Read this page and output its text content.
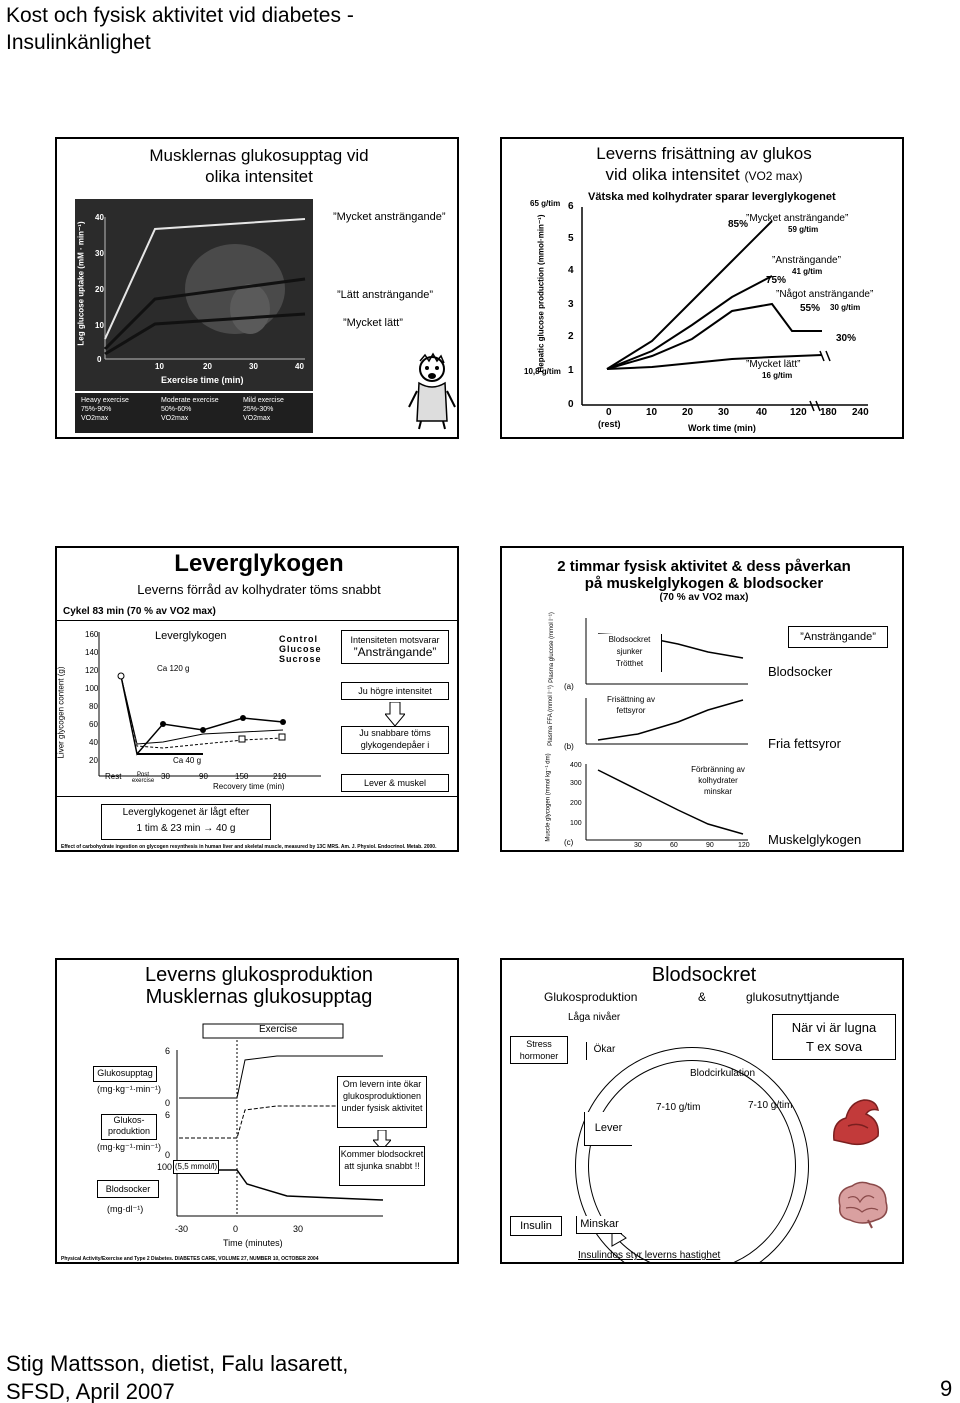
Kost och fysisk aktivitet vid diabetes -
Insulinkänlighet
Musklernas glukosupptag vid
olika intensitet
Leg glucose uptake (mM · min⁻¹)
40
30
20
10
0
10	20	30	40
Exercise time (min)
Heavy exercise
75%-90%
VO2max
Moderate exercise
50%-60%
VO2max
Mild exercise
25%-30%
VO2max
”Mycket ansträngande”
”Lätt ansträngande”
”Mycket lätt”
Leverns frisättning av glukos
vid olika intensitet (VO2 max)
Vätska med kolhydrater sparar leverglykogenet
65 g/tim
10,8 g/tim
6
5
4
3
2
1
0
Hepatic glucose production (mmol·min⁻¹)
0
(rest)
10 20 30	40 120 180 240
Work time (min)
85%
”Mycket ansträngande”
59 g/tim
”Ansträngande”
41 g/tim
75%
”Något ansträngande”
55% 30 g/tim
30%
”Mycket lätt”
16 g/tim
Leverglykogen
Leverns förråd av kolhydrater töms snabbt
Cykel 83 min (70 % av VO2 max)
Leverglykogen
Ca 120 g
Ca 40 g
Control
Glucose
Sucrose
Liver glycogen content (g)
160
140
120
100
80
60
40
20
Rest	Post exercise 30	90	150	210
Recovery time (min)
Intensiteten motsvarar
”Ansträngande”
Ju högre intensitet
Ju snabbare töms glykogendepåer i
Lever & muskel
Leverglykogenet är lågt efter
1 tim & 23 min → 40 g
Effect of carbohydrate ingestion on glycogen resynthesis in human liver and skeletal muscle, measured by 13C MRS. Am. J. Physiol. Endocrinol. Metab. 2000.
2 timmar fysisk aktivitet & dess påverkan
på muskelglykogen & blodsocker
(70 % av VO2 max)
(a)
(b)
(c)
Plasma glucose (mmol l⁻¹)
Plasma FFA (mmol l⁻¹)
Muscle glycogen (mmol kg⁻¹ dm)	400
300
200
100
30	60	90	120
Blodsockret
sjunker
Trötthet
Frisättning av
fettsyror
Förbränning av
kolhydrater
minskar
”Ansträngande”
Blodsocker
Fria fettsyror
Muskelglykogen
Leverns glukosproduktion
Musklernas glukosupptag
Exercise
Glukosupptag
(mg·kg⁻¹·min⁻¹)
Glukos-
produktion
(mg·kg⁻¹·min⁻¹)
Blodsocker
(mg·dl⁻¹)
6
0
6
0
100 (5,5 mmol/l)
-30	0	30
Time (minutes)
Om levern inte ökar glukosproduktionen under fysisk aktivitet
Kommer blodsockret att sjunka snabbt !!
Physical Activity/Exercise and Type 2 Diabetes. DIABETES CARE, VOLUME 27, NUMBER 10, OCTOBER 2004
Blodsockret
Glukosproduktion	&	glukosutnyttjande
När vi är lugna
T ex sova
Stress
hormoner
Låga nivåer
Ökar
Blodcirkulation
7-10 g/tim	7-10 g/tim
Lever
Insulin	Minskar
Insulindos styr leverns hastighet
Stig Mattsson, dietist, Falu lasarett,
SFSD, April 2007	9
